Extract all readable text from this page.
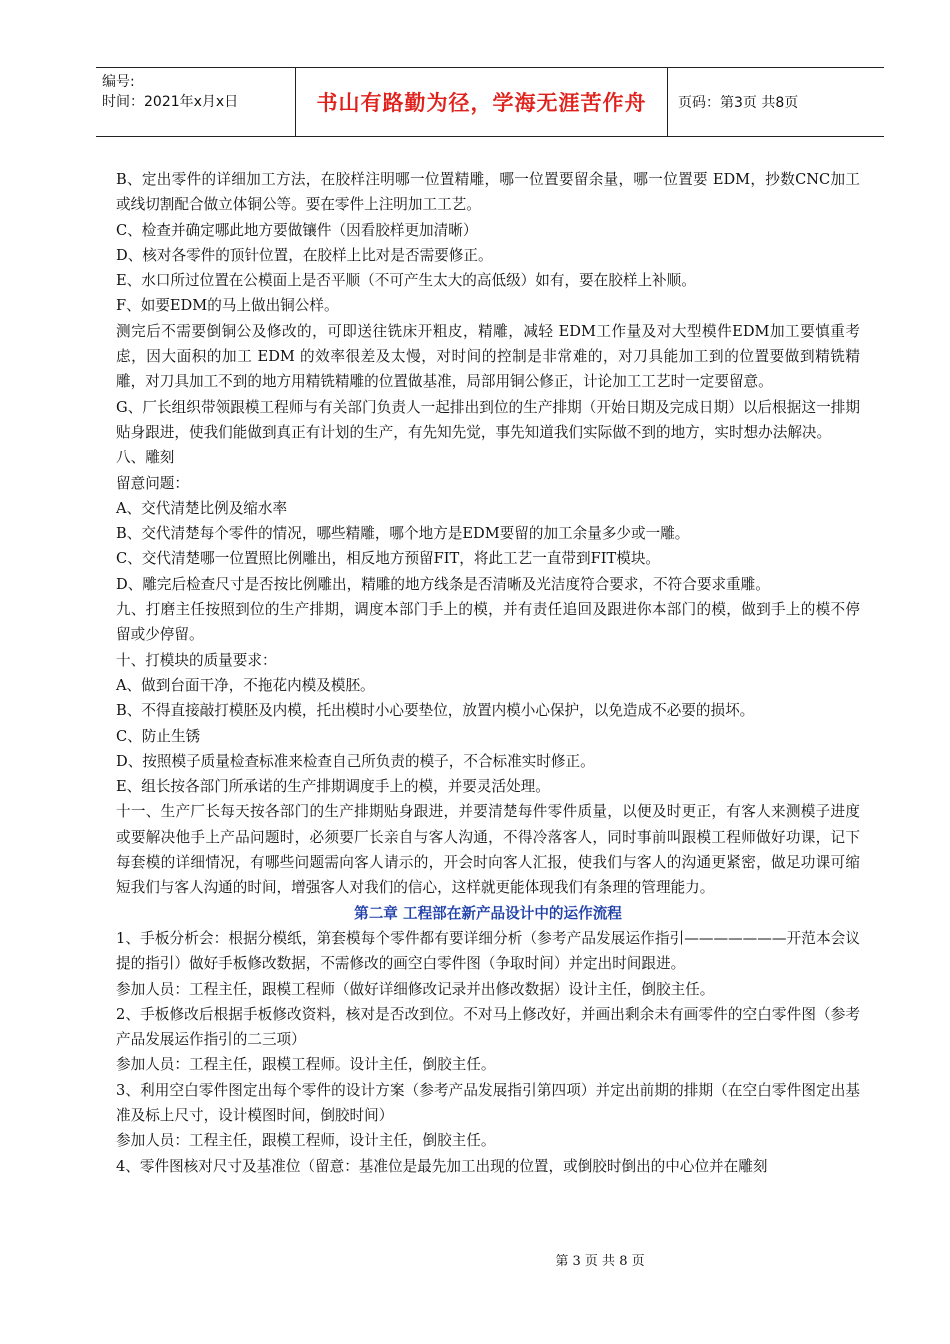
编号:
时间：2021年x月x日	书山有路勤为径，学海无涯苦作舟	页码：第3页 共8页

B、定出零件的详细加工方法，在胶样注明哪一位置精雕，哪一位置要留余量，哪一位置要 EDM，抄数CNC加工或线切割配合做立体铜公等。要在零件上注明加工工艺。

C、检查并确定哪此地方要做镶件（因看胶样更加清晰）

D、核对各零件的顶针位置，在胶样上比对是否需要修正。

E、水口所过位置在公模面上是否平顺（不可产生太大的高低级）如有，要在胶样上补顺。

F、如要EDM的马上做出铜公样。

测完后不需要倒铜公及修改的，可即送往铣床开粗皮，精雕，减轻 EDM工作量及对大型模件EDM加工要慎重考虑，因大面积的加工 EDM 的效率很差及太慢，对时间的控制是非常难的，对刀具能加工到的位置要做到精铣精雕，对刀具加工不到的地方用精铣精雕的位置做基准，局部用铜公修正，计论加工工艺时一定要留意。

G、厂长组织带领跟模工程师与有关部门负责人一起排出到位的生产排期（开始日期及完成日期）以后根据这一排期贴身跟进，使我们能做到真正有计划的生产，有先知先觉，事先知道我们实际做不到的地方，实时想办法解决。

八、雕刻

留意问题：

A、交代清楚比例及缩水率

B、交代清楚每个零件的情况，哪些精雕，哪个地方是EDM要留的加工余量多少或一雕。

C、交代清楚哪一位置照比例雕出，相反地方预留FIT，将此工艺一直带到FIT模块。

D、雕完后检查尺寸是否按比例雕出，精雕的地方线条是否清晰及光洁度符合要求，不符合要求重雕。

九、打磨主任按照到位的生产排期，调度本部门手上的模，并有责任追回及跟进你本部门的模，做到手上的模不停留或少停留。

十、打模块的质量要求：

A、做到台面干净，不拖花内模及模胚。

B、不得直接敲打模胚及内模，托出模时小心要垫位，放置内模小心保护，以免造成不必要的损坏。

C、防止生锈

D、按照模子质量检查标准来检查自己所负责的模子，不合标准实时修正。

E、组长按各部门所承诺的生产排期调度手上的模，并要灵活处理。

十一、生产厂长每天按各部门的生产排期贴身跟进，并要清楚每件零件质量，以便及时更正，有客人来测模子进度或要解决他手上产品问题时，必须要厂长亲自与客人沟通，不得冷落客人，同时事前叫跟模工程师做好功课，记下每套模的详细情况，有哪些问题需向客人请示的，开会时向客人汇报，使我们与客人的沟通更紧密，做足功课可缩短我们与客人沟通的时间，增强客人对我们的信心，这样就更能体现我们有条理的管理能力。

第二章 工程部在新产品设计中的运作流程

1、手板分析会：根据分模纸，第套模每个零件都有要详细分析（参考产品发展运作指引———————开范本会议提的指引）做好手板修改数据，不需修改的画空白零件图（争取时间）并定出时间跟进。

参加人员：工程主任，跟模工程师（做好详细修改记录并出修改数据）设计主任，倒胶主任。

2、手板修改后根据手板修改资料，核对是否改到位。不对马上修改好，并画出剩余未有画零件的空白零件图（参考产品发展运作指引的二三项）

参加人员：工程主任，跟模工程师。设计主任，倒胶主任。

3、利用空白零件图定出每个零件的设计方案（参考产品发展指引第四项）并定出前期的排期（在空白零件图定出基准及标上尺寸，设计模图时间，倒胶时间）

参加人员：工程主任，跟模工程师，设计主任，倒胶主任。

4、零件图核对尺寸及基准位（留意：基准位是最先加工出现的位置，或倒胶时倒出的中心位并在雕刻

第 3 页 共 8 页
